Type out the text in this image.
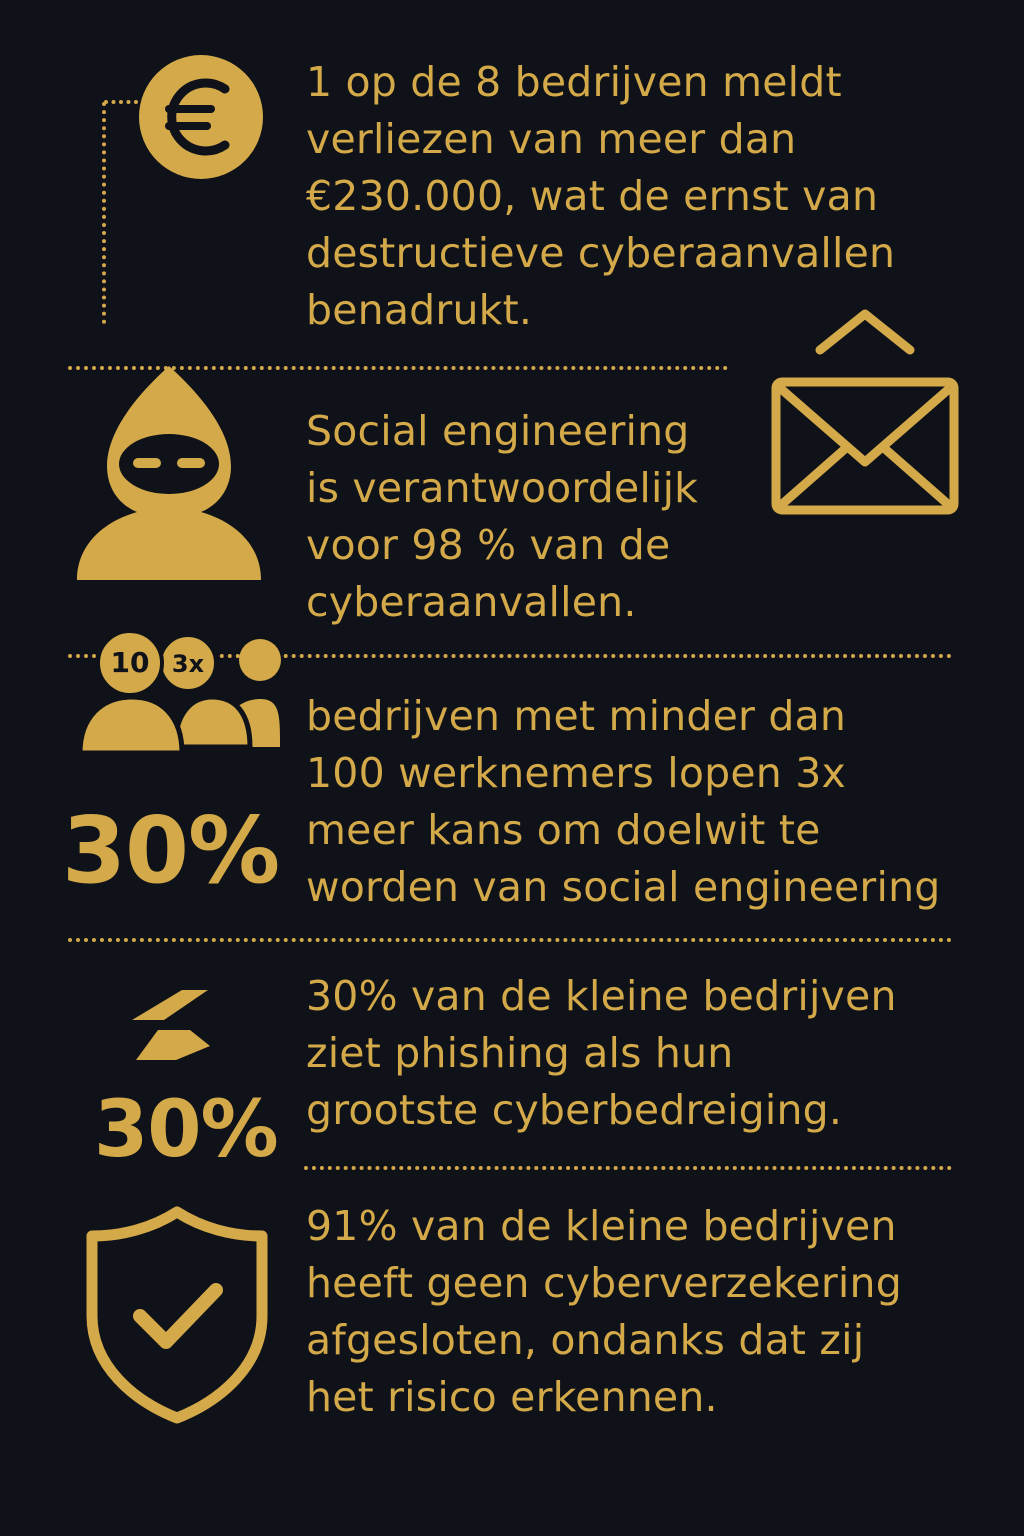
1 op de 8 bedrijven meldt
verliezen van meer dan
€230.000, wat de ernst van
destructieve cyberaanvallen
benadrukt.
Social engineering
is verantwoordelijk
voor 98 % van de
cyberaanvallen.
10 3x
30%
bedrijven met minder dan
100 werknemers lopen 3x
meer kans om doelwit te
worden van social engineering
30%
30% van de kleine bedrijven
ziet phishing als hun
grootste cyberbedreiging.
91% van de kleine bedrijven
heeft geen cyberverzekering
afgesloten, ondanks dat zij
het risico erkennen.
